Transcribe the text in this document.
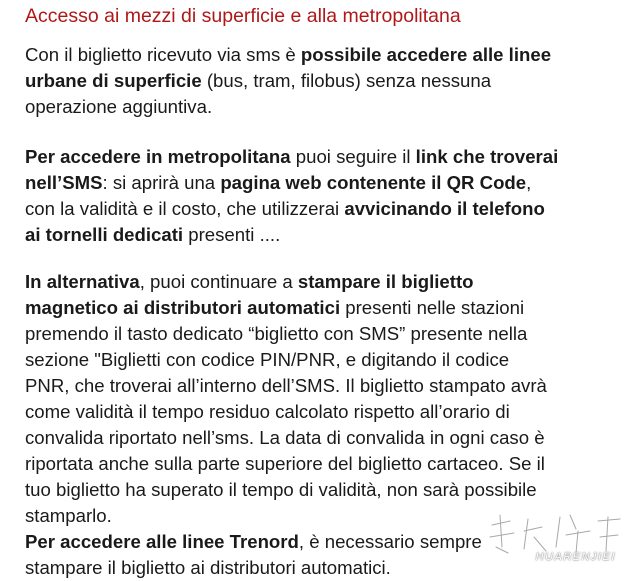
Accesso ai mezzi di superficie e alla metropolitana
Con il biglietto ricevuto via sms è possibile accedere alle linee
urbane di superficie (bus, tram, filobus) senza nessuna
operazione aggiuntiva.
Per accedere in metropolitana puoi seguire il link che troverai
nell’SMS: si aprirà una pagina web contenente il QR Code,
con la validità e il costo, che utilizzerai avvicinando il telefono
ai tornelli dedicati presenti ....
In alternativa, puoi continuare a stampare il biglietto
magnetico ai distributori automatici presenti nelle stazioni
premendo il tasto dedicato “biglietto con SMS” presente nella
sezione "Biglietti con codice PIN/PNR, e digitando il codice
PNR, che troverai all’interno dell’SMS. Il biglietto stampato avrà
come validità il tempo residuo calcolato rispetto all’orario di
convalida riportato nell’sms. La data di convalida in ogni caso è
riportata anche sulla parte superiore del biglietto cartaceo. Se il
tuo biglietto ha superato il tempo di validità, non sarà possibile
stamparlo.
Per accedere alle linee Trenord, è necessario sempre
stampare il biglietto ai distributori automatici.	HUARENJIEI
